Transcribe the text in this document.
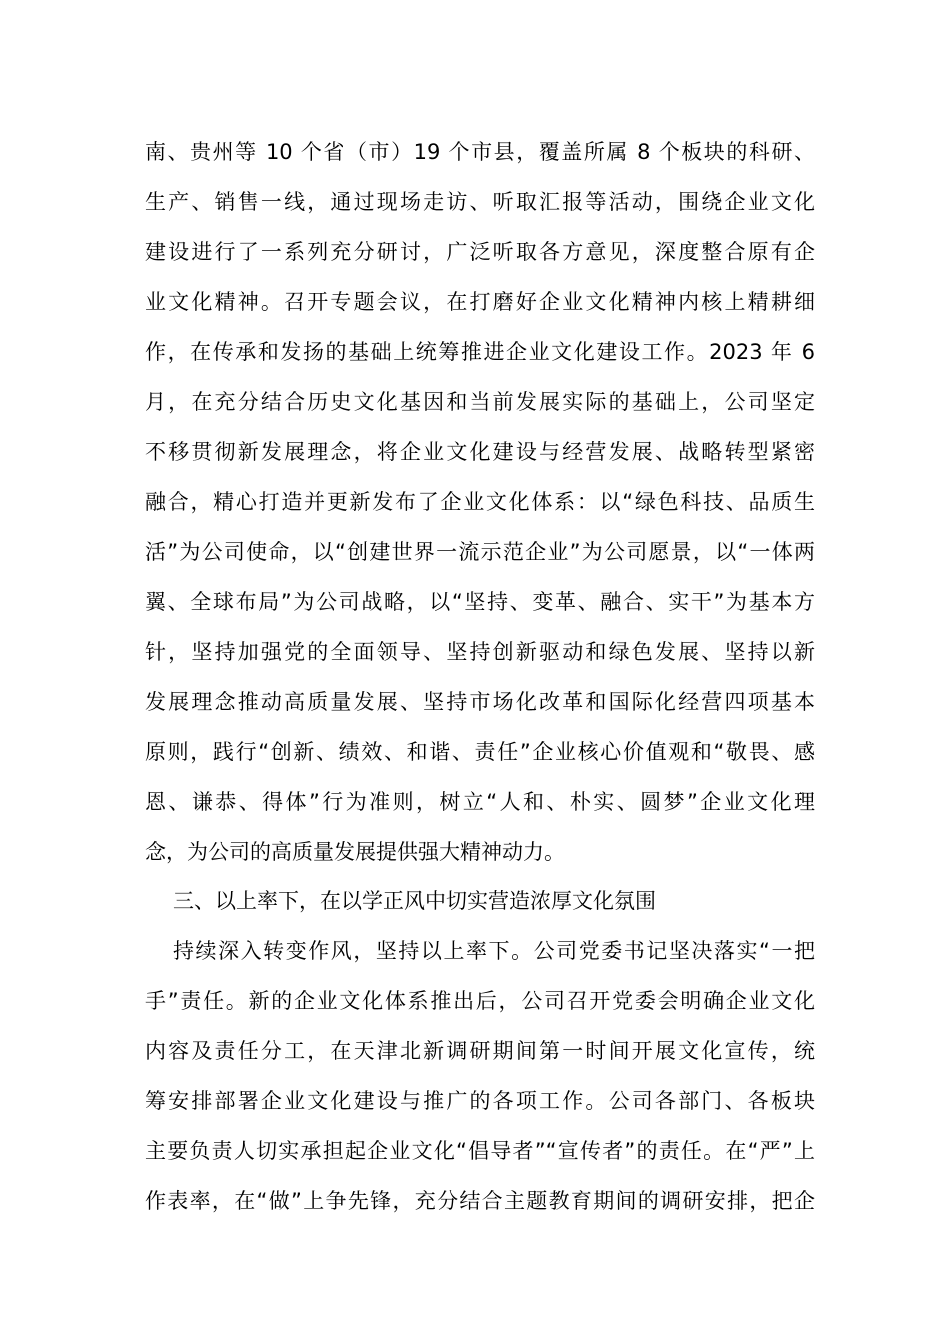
南、贵州等 10 个省（市）19 个市县，覆盖所属 8 个板块的科研、
生产、销售一线，通过现场走访、听取汇报等活动，围绕企业文化
建设进行了一系列充分研讨，广泛听取各方意见，深度整合原有企
业文化精神。召开专题会议，在打磨好企业文化精神内核上精耕细
作，在传承和发扬的基础上统筹推进企业文化建设工作。2023 年 6
月，在充分结合历史文化基因和当前发展实际的基础上，公司坚定
不移贯彻新发展理念，将企业文化建设与经营发展、战略转型紧密
融合，精心打造并更新发布了企业文化体系：以“绿色科技、品质生
活”为公司使命，以“创建世界一流示范企业”为公司愿景，以“一体两
翼、全球布局”为公司战略，以“坚持、变革、融合、实干”为基本方
针，坚持加强党的全面领导、坚持创新驱动和绿色发展、坚持以新
发展理念推动高质量发展、坚持市场化改革和国际化经营四项基本
原则，践行“创新、绩效、和谐、责任”企业核心价值观和“敬畏、感
恩、谦恭、得体”行为准则，树立“人和、朴实、圆梦”企业文化理
念，为公司的高质量发展提供强大精神动力。
三、以上率下，在以学正风中切实营造浓厚文化氛围
持续深入转变作风，坚持以上率下。公司党委书记坚决落实“一把
手”责任。新的企业文化体系推出后，公司召开党委会明确企业文化
内容及责任分工，在天津北新调研期间第一时间开展文化宣传，统
筹安排部署企业文化建设与推广的各项工作。公司各部门、各板块
主要负责人切实承担起企业文化“倡导者”“宣传者”的责任。在“严”上
作表率，在“做”上争先锋，充分结合主题教育期间的调研安排，把企
